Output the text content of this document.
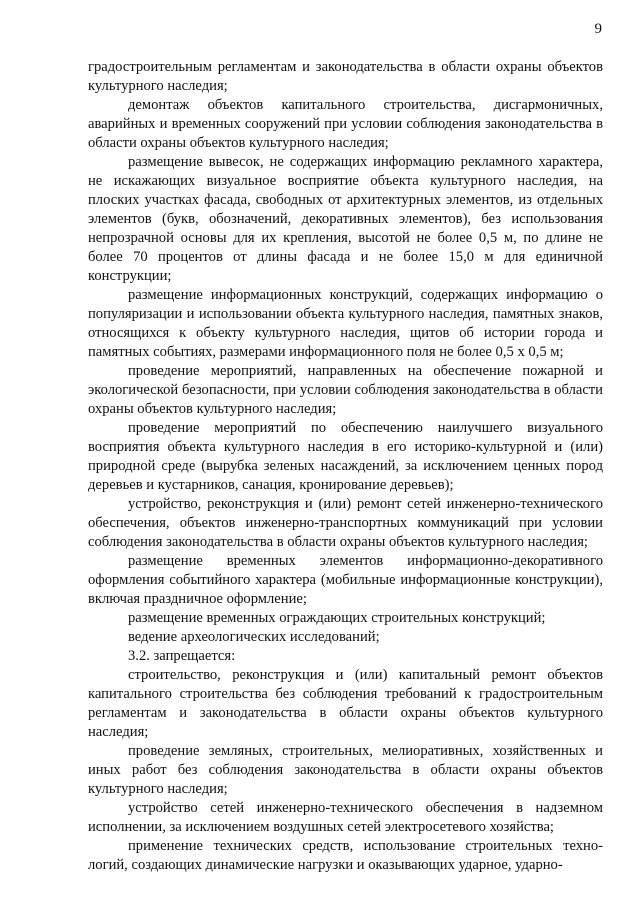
9

градостроительным регламентам и законодательства в области охраны объектов культурного наследия;

демонтаж объектов капитального строительства, дисгармоничных, аварийных и временных сооружений при условии соблюдения законодательства в области охраны объектов культурного наследия;

размещение вывесок, не содержащих информацию рекламного характера, не искажающих визуальное восприятие объекта культурного наследия, на плоских участках фасада, свободных от архитектурных элементов, из отдельных элементов (букв, обозначений, декоративных элементов), без использования непрозрачной основы для их крепления, высотой не более 0,5 м, по длине не более 70 процентов от длины фасада и не более 15,0 м для единичной конструкции;

размещение информационных конструкций, содержащих информацию о популяризации и использовании объекта культурного наследия, памятных знаков, относящихся к объекту культурного наследия, щитов об истории города и памятных событиях, размерами информационного поля не более 0,5 х 0,5 м;

проведение мероприятий, направленных на обеспечение пожарной и экологической безопасности, при условии соблюдения законодательства в области охраны объектов культурного наследия;

проведение мероприятий по обеспечению наилучшего визуального восприятия объекта культурного наследия в его историко-культурной и (или) природной среде (вырубка зеленых насаждений, за исключением ценных пород деревьев и кустарников, санация, кронирование деревьев);

устройство, реконструкция и (или) ремонт сетей инженерно-технического обеспечения, объектов инженерно-транспортных коммуникаций при условии соблюдения законодательства в области охраны объектов культурного наследия;

размещение временных элементов информационно-декоративного оформления событийного характера (мобильные информационные конструкции), включая праздничное оформление;

размещение временных ограждающих строительных конструкций;

ведение археологических исследований;

3.2. запрещается:

строительство, реконструкция и (или) капитальный ремонт объектов капитального строительства без соблюдения требований к градостроительным регламентам и законодательства в области охраны объектов культурного наследия;

проведение земляных, строительных, мелиоративных, хозяйственных и иных работ без соблюдения законодательства в области охраны объектов культурного наследия;

устройство сетей инженерно-технического обеспечения в надземном исполнении, за исключением воздушных сетей электросетевого хозяйства;

применение технических средств, использование строительных техно-логий, создающих динамические нагрузки и оказывающих ударное, ударно-
